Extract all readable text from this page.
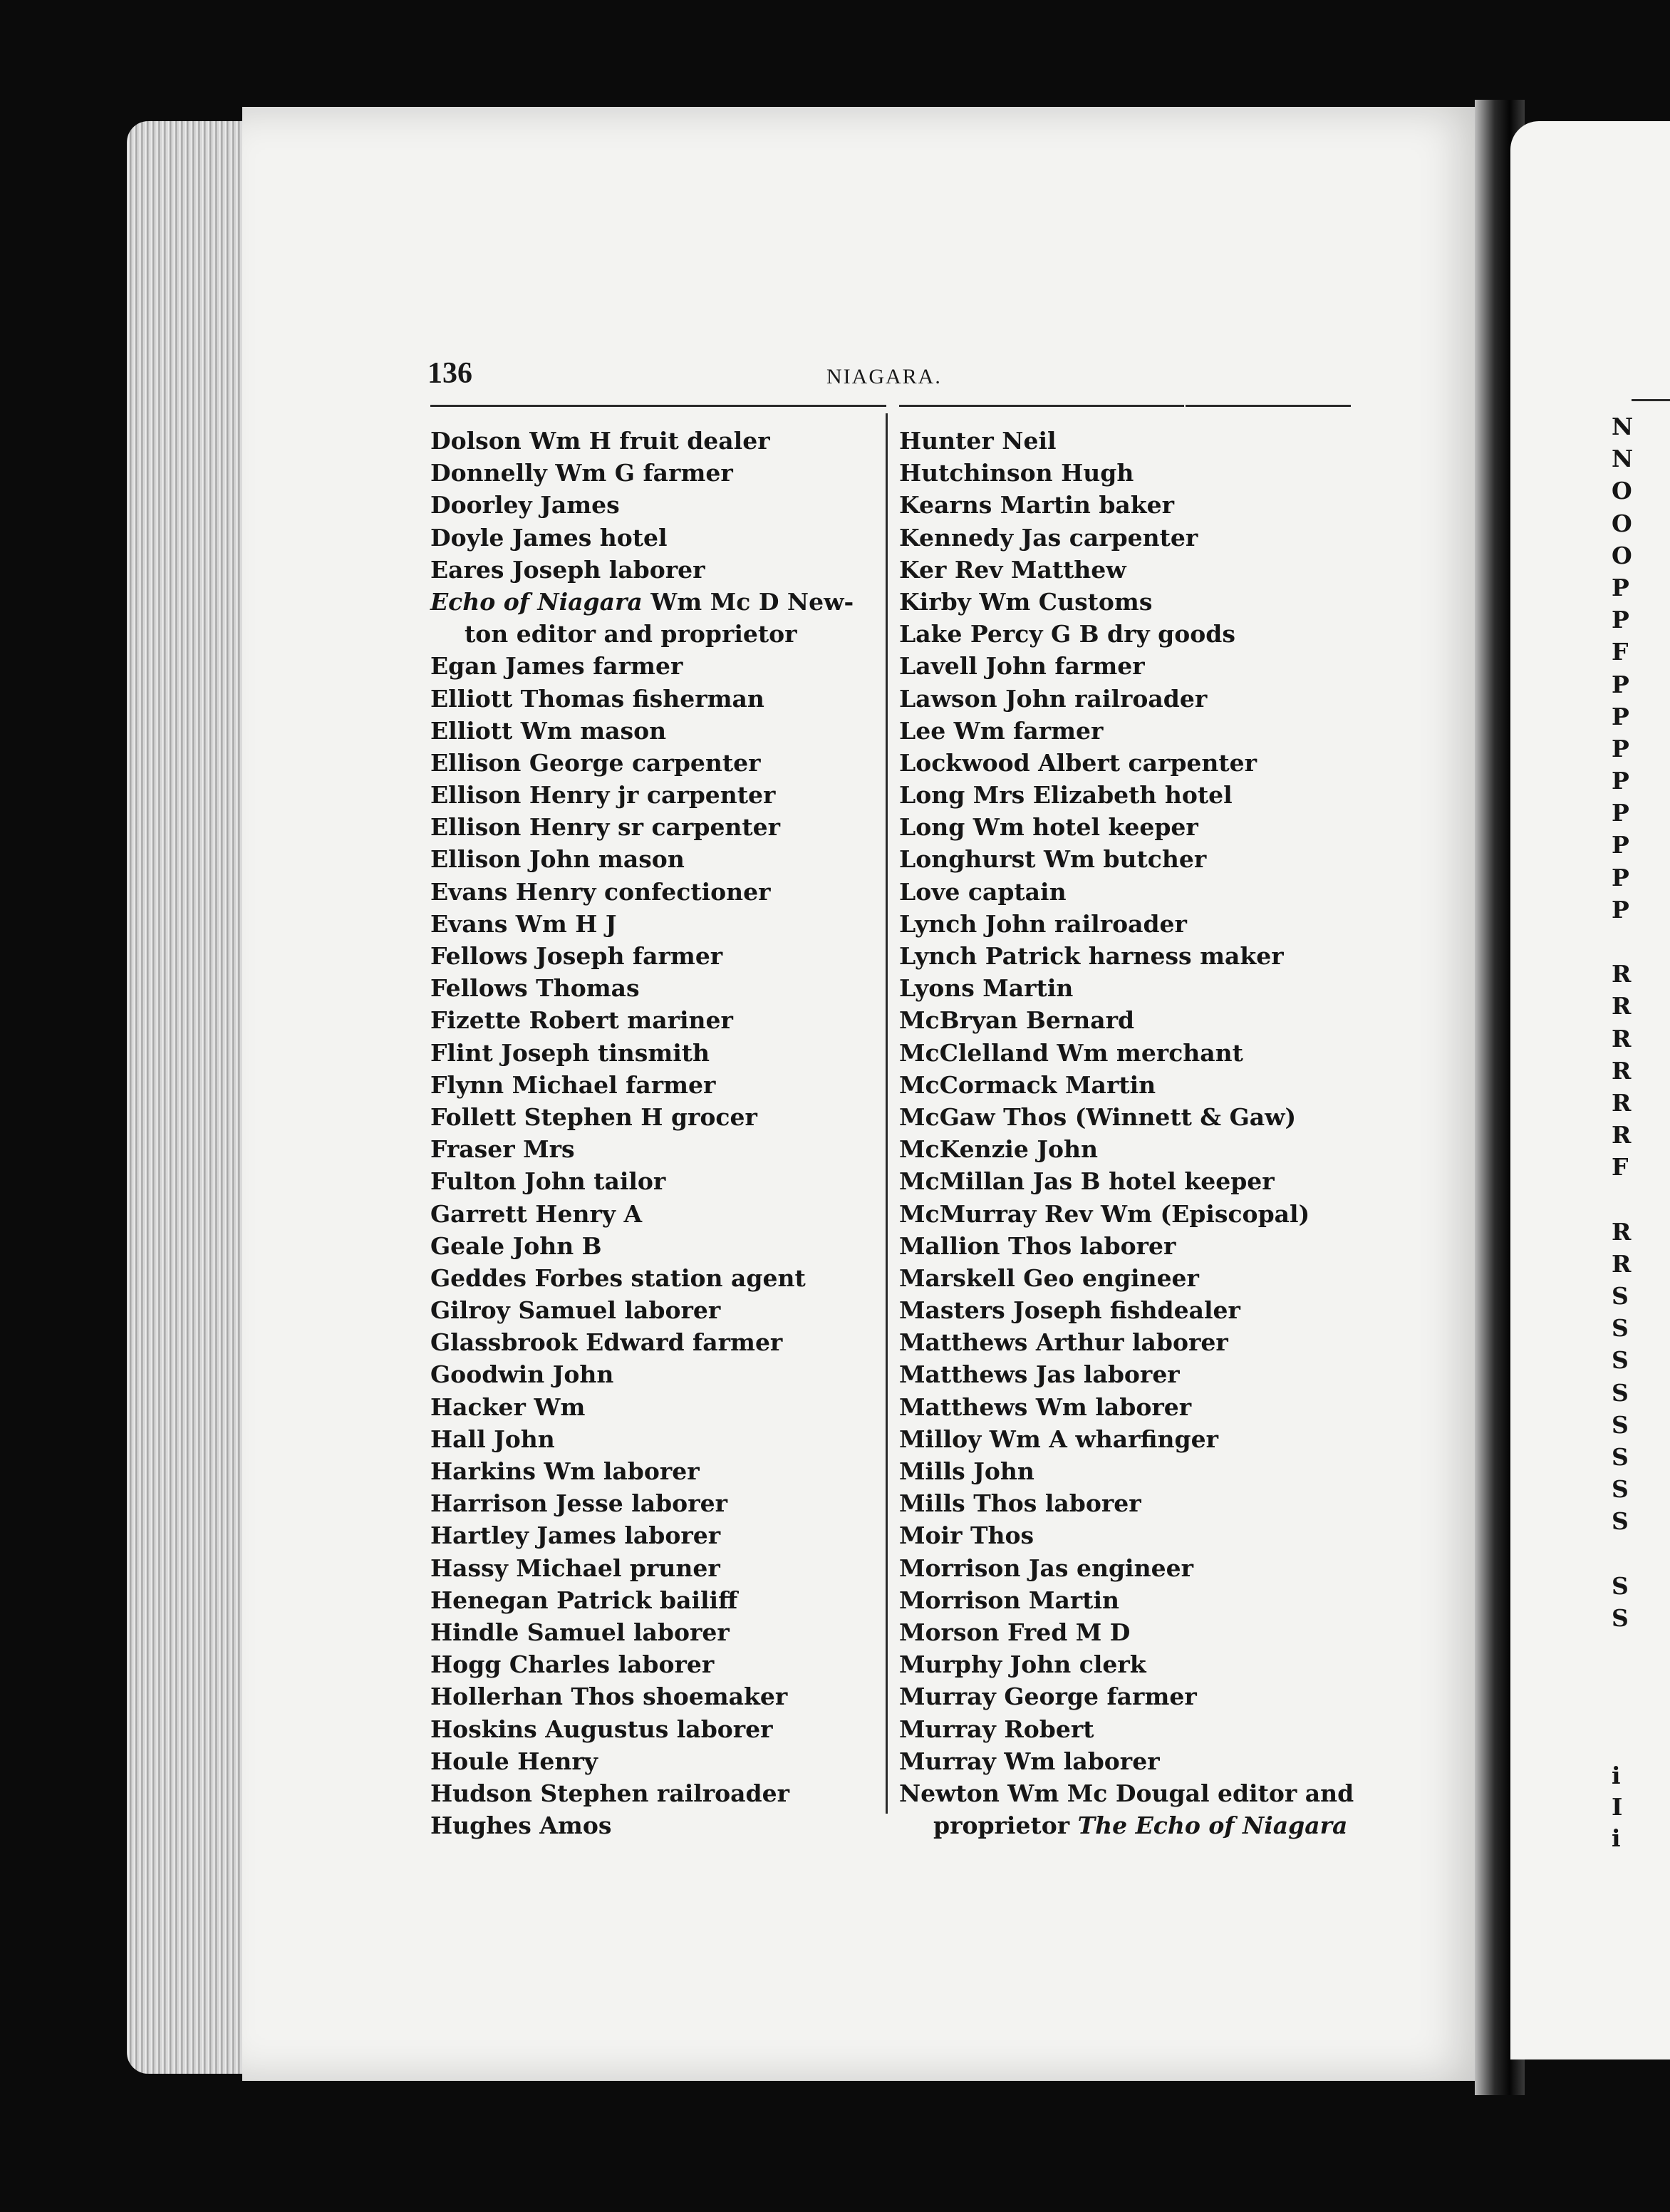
136	NIAGARA.
Dolson Wm H fruit dealer
Donnelly Wm G farmer
Doorley James
Doyle James hotel
Eares Joseph laborer
Echo of Niagara Wm Mc D New-
ton editor and proprietor
Egan James farmer
Elliott Thomas fisherman
Elliott Wm mason
Ellison George carpenter
Ellison Henry jr carpenter
Ellison Henry sr carpenter
Ellison John mason
Evans Henry confectioner
Evans Wm H J
Fellows Joseph farmer
Fellows Thomas
Fizette Robert mariner
Flint Joseph tinsmith
Flynn Michael farmer
Follett Stephen H grocer
Fraser Mrs
Fulton John tailor
Garrett Henry A
Geale John B
Geddes Forbes station agent
Gilroy Samuel laborer
Glassbrook Edward farmer
Goodwin John
Hacker Wm
Hall John
Harkins Wm laborer
Harrison Jesse laborer
Hartley James laborer
Hassy Michael pruner
Henegan Patrick bailiff
Hindle Samuel laborer
Hogg Charles laborer
Hollerhan Thos shoemaker
Hoskins Augustus laborer
Houle Henry
Hudson Stephen railroader
Hughes Amos
Hunter Neil
Hutchinson Hugh
Kearns Martin baker
Kennedy Jas carpenter
Ker Rev Matthew
Kirby Wm Customs
Lake Percy G B dry goods
Lavell John farmer
Lawson John railroader
Lee Wm farmer
Lockwood Albert carpenter
Long Mrs Elizabeth hotel
Long Wm hotel keeper
Longhurst Wm butcher
Love captain
Lynch John railroader
Lynch Patrick harness maker
Lyons Martin
McBryan Bernard
McClelland Wm merchant
McCormack Martin
McGaw Thos (Winnett & Gaw)
McKenzie John
McMillan Jas B hotel keeper
McMurray Rev Wm (Episcopal)
Mallion Thos laborer
Marskell Geo engineer
Masters Joseph fishdealer
Matthews Arthur laborer
Matthews Jas laborer
Matthews Wm laborer
Milloy Wm A wharfinger
Mills John
Mills Thos laborer
Moir Thos
Morrison Jas engineer
Morrison Martin
Morson Fred M D
Murphy John clerk
Murray George farmer
Murray Robert
Murray Wm laborer
Newton Wm Mc Dougal editor and
proprietor The Echo of Niagara
N
N
O
O
O
P
P
F
P
P
P
P
P
P
P
P
R
R
R
R
R
R
F
R
R
S
S
S
S
S
S
S
S
S
S
i
I
i
